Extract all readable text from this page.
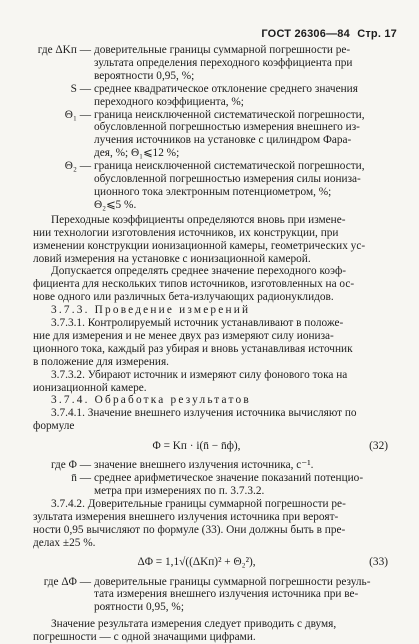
ГОСТ 26306—84 Стр. 17
где ΔKп — доверительные границы суммарной погрешности ре-
зультата определения переходного коэффициента при
вероятности 0,95, %;
S — среднее квадратическое отклонение среднего значения
переходного коэффициента, %;
Θ₁ — граница неисключенной систематической погрешности,
обусловленной погрешностью измерения внешнего из-
лучения источников на установке с цилиндром Фара-
дея, %; Θ₁⩽12 %;
Θ₂ — граница неисключенной систематической погрешности,
обусловленной погрешностью измерения силы иониза-
ционного тока электронным потенциометром, %;
Θ₂⩽5 %.
Переходные коэффициенты определяются вновь при измене-
нии технологии изготовления источников, их конструкции, при
изменении конструкции ионизационной камеры, геометрических ус-
ловий измерения на установке с ионизационной камерой.
Допускается определять среднее значение переходного коэф-
фициента для нескольких типов источников, изготовленных на ос-
нове одного или различных бета-излучающих радионуклидов.
3.7.3. Проведение измерений
3.7.3.1. Контролируемый источник устанавливают в положе-
ние для измерения и не менее двух раз измеряют силу иониза-
ционного тока, каждый раз убирая и вновь устанавливая источник
в положение для измерения.
3.7.3.2. Убирают источник и измеряют силу фонового тока на
ионизационной камере.
3.7.4. Обработка результатов
3.7.4.1. Значение внешнего излучения источника вычисляют по
формуле
Φ = Kп · i(n̄ − n̄ф),	(32)
где Φ — значение внешнего излучения источника, с⁻¹.
n̄ — среднее арифметическое значение показаний потенцио-
метра при измерениях по п. 3.7.3.2.
3.7.4.2. Доверительные границы суммарной погрешности ре-
зультата измерения внешнего излучения источника при вероят-
ности 0,95 вычисляют по формуле (33). Они должны быть в пре-
делах ±25 %.
ΔΦ = 1,1√((ΔKп)² + Θ₂²),	(33)
где ΔΦ — доверительные границы суммарной погрешности резуль-
тата измерения внешнего излучения источника при ве-
роятности 0,95, %;
Значение результата измерения следует приводить с двумя,
погрешности — с одной значащими цифрами.
